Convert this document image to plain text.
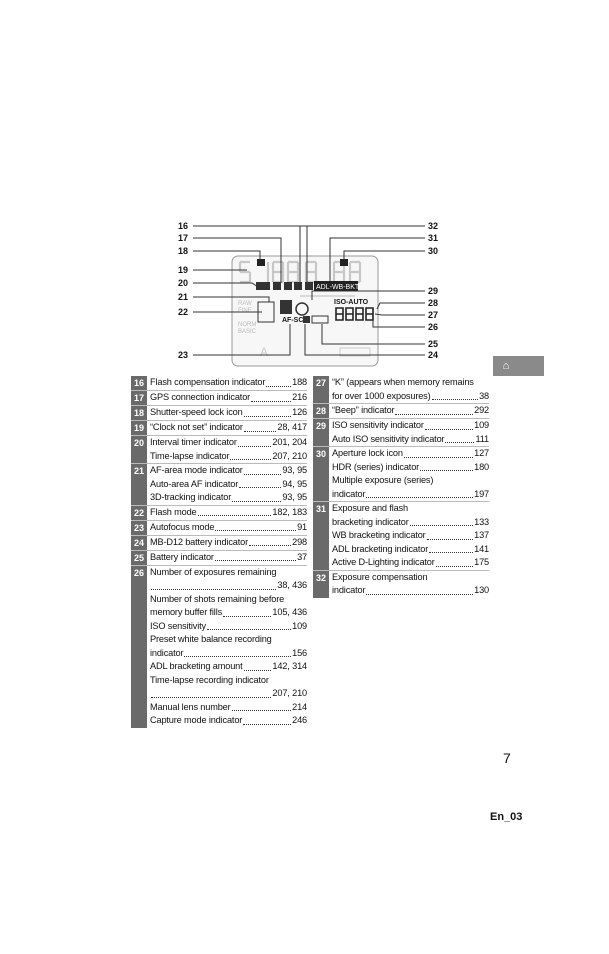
ADL-WB-BKT
RAW
FINE
NORM
BASIC
AF-SC
ISO-AUTO
A
16
17
18
19
20
21
22
23
32
31
30
29
28
27
26
25
24
⌂
16 Flash compensation indicator	188
17 GPS connection indicator	216
18 Shutter-speed lock icon	126
19 “Clock not set” indicator	28, 417
20 Interval timer indicator	201, 204
Time-lapse indicator	207, 210
21 AF-area mode indicator	93, 95
Auto-area AF indicator	94, 95
3D-tracking indicator	93, 95
22 Flash mode	182, 183
23 Autofocus mode	91
24 MB-D12 battery indicator	298
25 Battery indicator	37
26 Number of exposures remaining
38, 436
Number of shots remaining before
memory buffer fills	105, 436
ISO sensitivity	109
Preset white balance recording
indicator	156
ADL bracketing amount	142, 314
Time-lapse recording indicator
207, 210
Manual lens number	214
Capture mode indicator	246
27 “K” (appears when memory remains
for over 1000 exposures)	38
28 “Beep” indicator	292
29 ISO sensitivity indicator	109
Auto ISO sensitivity indicator	111
30 Aperture lock icon	127
HDR (series) indicator	180
Multiple exposure (series)
indicator	197
31 Exposure and flash
bracketing indicator	133
WB bracketing indicator	137
ADL bracketing indicator	141
Active D-Lighting indicator	175
32 Exposure compensation
indicator	130
7
En_03
